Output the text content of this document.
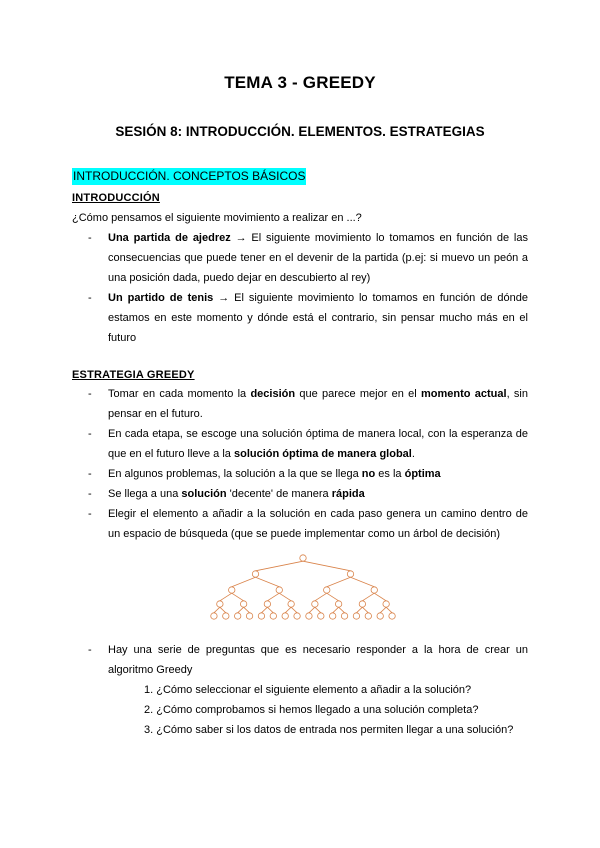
TEMA 3 - GREEDY
SESIÓN 8: INTRODUCCIÓN. ELEMENTOS. ESTRATEGIAS
INTRODUCCIÓN. CONCEPTOS BÁSICOS
INTRODUCCIÓN
¿Cómo pensamos el siguiente movimiento a realizar en ...?
- Una partida de ajedrez → El siguiente movimiento lo tomamos en función de las consecuencias que puede tener en el devenir de la partida (p.ej: si muevo un peón a una posición dada, puedo dejar en descubierto al rey)
- Un partido de tenis → El siguiente movimiento lo tomamos en función de dónde estamos en este momento y dónde está el contrario, sin pensar mucho más en el futuro
ESTRATEGIA GREEDY
- Tomar en cada momento la decisión que parece mejor en el momento actual, sin pensar en el futuro.
- En cada etapa, se escoge una solución óptima de manera local, con la esperanza de que en el futuro lleve a la solución óptima de manera global.
- En algunos problemas, la solución a la que se llega no es la óptima
- Se llega a una solución 'decente' de manera rápida
- Elegir el elemento a añadir a la solución en cada paso genera un camino dentro de un espacio de búsqueda (que se puede implementar como un árbol de decisión)
- Hay una serie de preguntas que es necesario responder a la hora de crear un algoritmo Greedy
1. ¿Cómo seleccionar el siguiente elemento a añadir a la solución?
2. ¿Cómo comprobamos si hemos llegado a una solución completa?
3. ¿Cómo saber si los datos de entrada nos permiten llegar a una solución?
